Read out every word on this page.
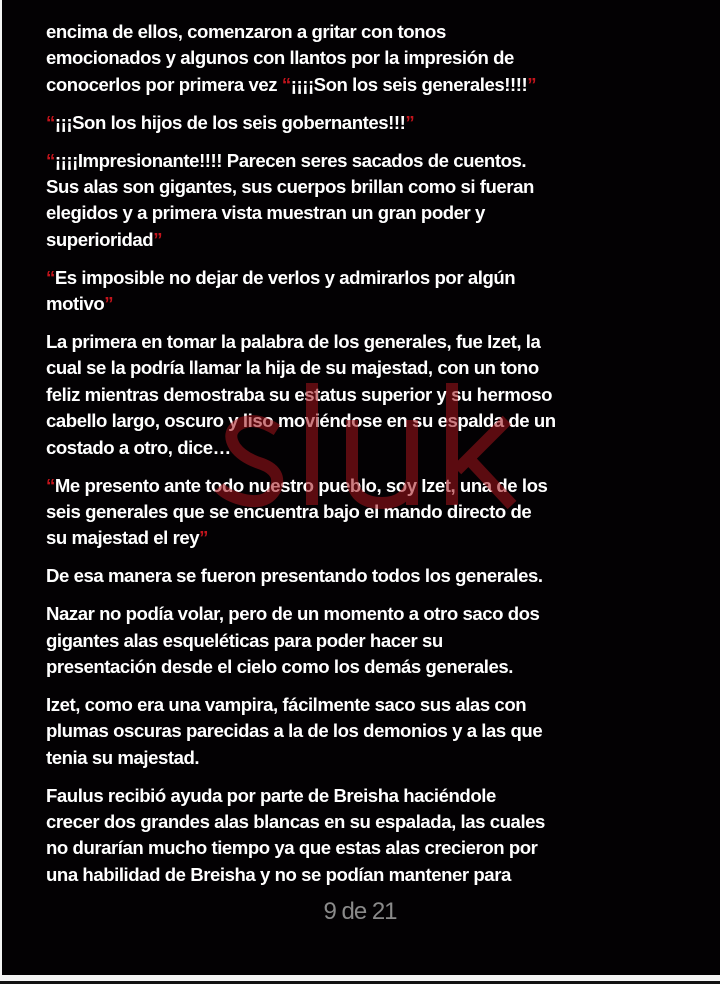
encima de ellos, comenzaron a gritar con tonos
emocionados y algunos con llantos por la impresión de
conocerlos por primera vez “¡¡¡¡Son los seis generales!!!!”
“¡¡¡Son los hijos de los seis gobernantes!!!”
“¡¡¡¡Impresionante!!!! Parecen seres sacados de cuentos.
Sus alas son gigantes, sus cuerpos brillan como si fueran
elegidos y a primera vista muestran un gran poder y
superioridad”
“Es imposible no dejar de verlos y admirarlos por algún
motivo”
La primera en tomar la palabra de los generales, fue Izet, la
cual se la podría llamar la hija de su majestad, con un tono
feliz mientras demostraba su estatus superior y su hermoso
cabello largo, oscuro y liso moviéndose en su espalda de un
costado a otro, dice…
“Me presento ante todo nuestro pueblo, soy Izet, una de los
seis generales que se encuentra bajo el mando directo de
su majestad el rey”
De esa manera se fueron presentando todos los generales.
Nazar no podía volar, pero de un momento a otro saco dos
gigantes alas esqueléticas para poder hacer su
presentación desde el cielo como los demás generales.
Izet, como era una vampira, fácilmente saco sus alas con
plumas oscuras parecidas a la de los demonios y a las que
tenia su majestad.
Faulus recibió ayuda por parte de Breisha haciéndole
crecer dos grandes alas blancas en su espalada, las cuales
no durarían mucho tiempo ya que estas alas crecieron por
una habilidad de Breisha y no se podían mantener para
9 de 21
